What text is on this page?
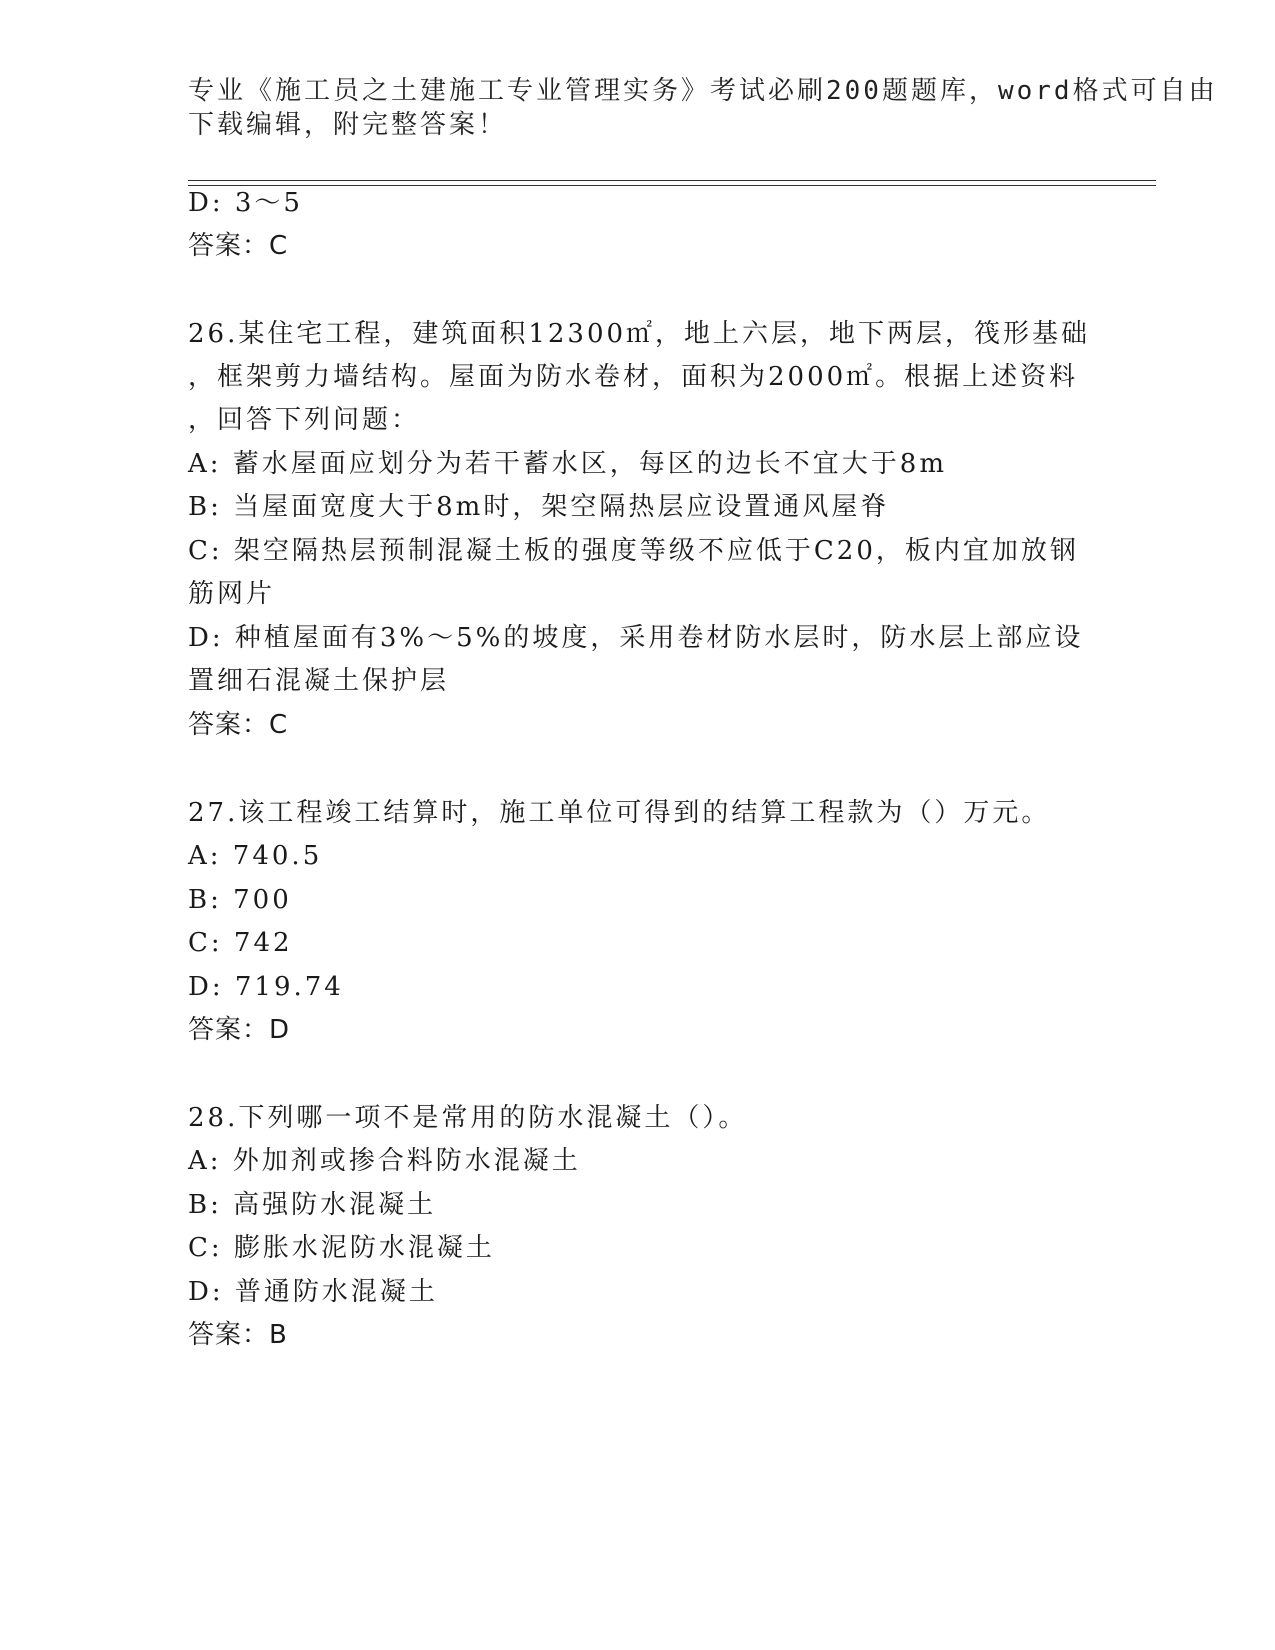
专业《施工员之土建施工专业管理实务》考试必刷200题题库，word格式可自由
下载编辑，附完整答案！
D: 3～5
答案：C
26.某住宅工程，建筑面积12300㎡，地上六层，地下两层，筏形基础
，框架剪力墙结构。屋面为防水卷材，面积为2000㎡。根据上述资料
，回答下列问题：
A: 蓄水屋面应划分为若干蓄水区，每区的边长不宜大于8m
B: 当屋面宽度大于8m时，架空隔热层应设置通风屋脊
C: 架空隔热层预制混凝土板的强度等级不应低于C20，板内宜加放钢
筋网片
D: 种植屋面有3%～5%的坡度，采用卷材防水层时，防水层上部应设
置细石混凝土保护层
答案：C
27.该工程竣工结算时，施工单位可得到的结算工程款为（）万元。
A: 740.5
B: 700
C: 742
D: 719.74
答案：D
28.下列哪一项不是常用的防水混凝土（）。
A: 外加剂或掺合料防水混凝土
B: 高强防水混凝土
C: 膨胀水泥防水混凝土
D: 普通防水混凝土
答案：B
